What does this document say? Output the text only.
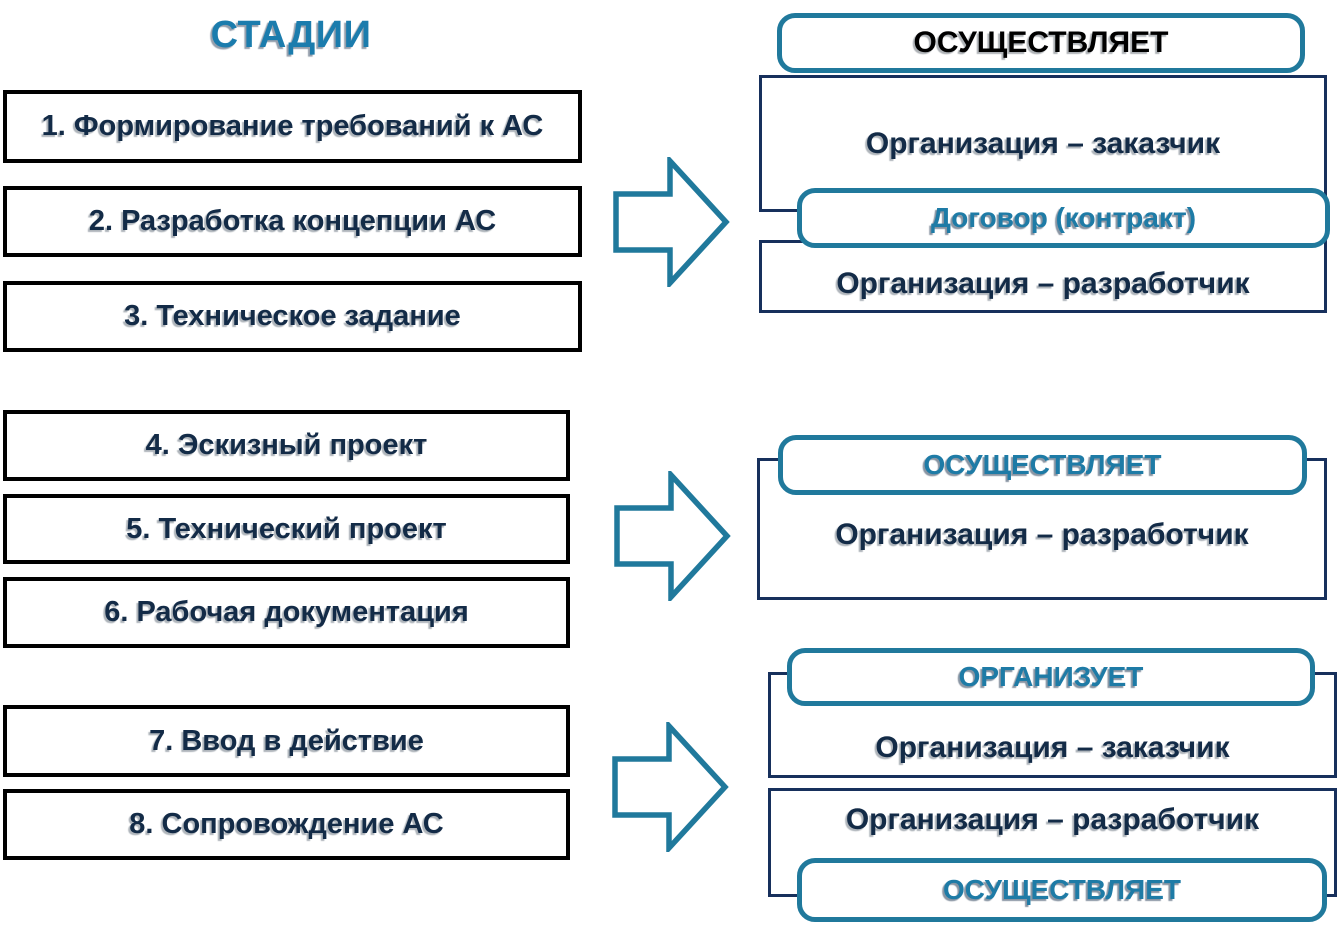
СТАДИИ
1. Формирование требований к АС
2. Разработка концепции АС
3. Техническое задание
4. Эскизный проект
5. Технический проект
6. Рабочая документация
7. Ввод в действие
8. Сопровождение АС
Организация – заказчик
Организация – разработчик
ОСУЩЕСТВЛЯЕТ
Договор (контракт)
Организация – разработчик
ОСУЩЕСТВЛЯЕТ
Организация – заказчик
ОРГАНИЗУЕТ
Организация – разработчик
ОСУЩЕСТВЛЯЕТ
